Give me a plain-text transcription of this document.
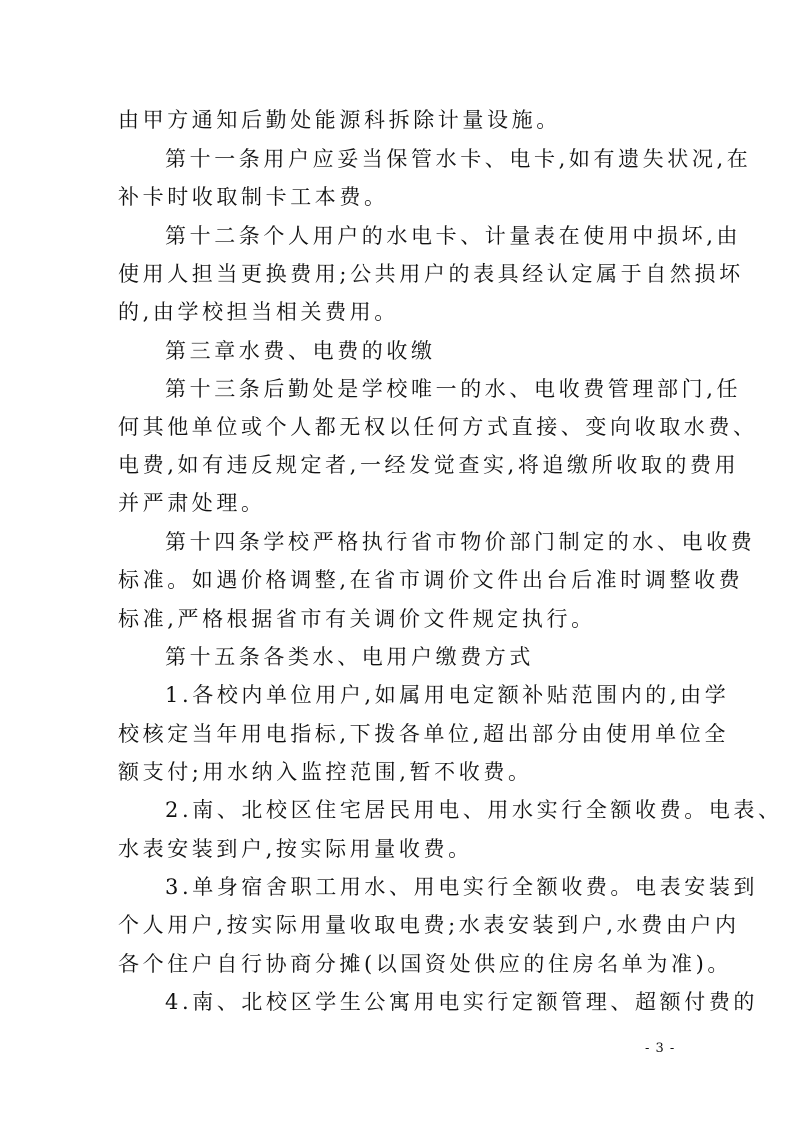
由甲方通知后勤处能源科拆除计量设施。
第十一条用户应妥当保管水卡、电卡,如有遗失状况,在
补卡时收取制卡工本费。
第十二条个人用户的水电卡、计量表在使用中损坏,由
使用人担当更换费用;公共用户的表具经认定属于自然损坏
的,由学校担当相关费用。
第三章水费、电费的收缴
第十三条后勤处是学校唯一的水、电收费管理部门,任
何其他单位或个人都无权以任何方式直接、变向收取水费、
电费,如有违反规定者,一经发觉查实,将追缴所收取的费用
并严肃处理。
第十四条学校严格执行省市物价部门制定的水、电收费
标准。如遇价格调整,在省市调价文件出台后准时调整收费
标准,严格根据省市有关调价文件规定执行。
第十五条各类水、电用户缴费方式
1.各校内单位用户,如属用电定额补贴范围内的,由学
校核定当年用电指标,下拨各单位,超出部分由使用单位全
额支付;用水纳入监控范围,暂不收费。
2.南、北校区住宅居民用电、用水实行全额收费。电表、
水表安装到户,按实际用量收费。
3.单身宿舍职工用水、用电实行全额收费。电表安装到
个人用户,按实际用量收取电费;水表安装到户,水费由户内
各个住户自行协商分摊(以国资处供应的住房名单为准)。
4.南、北校区学生公寓用电实行定额管理、超额付费的
- 3 -
